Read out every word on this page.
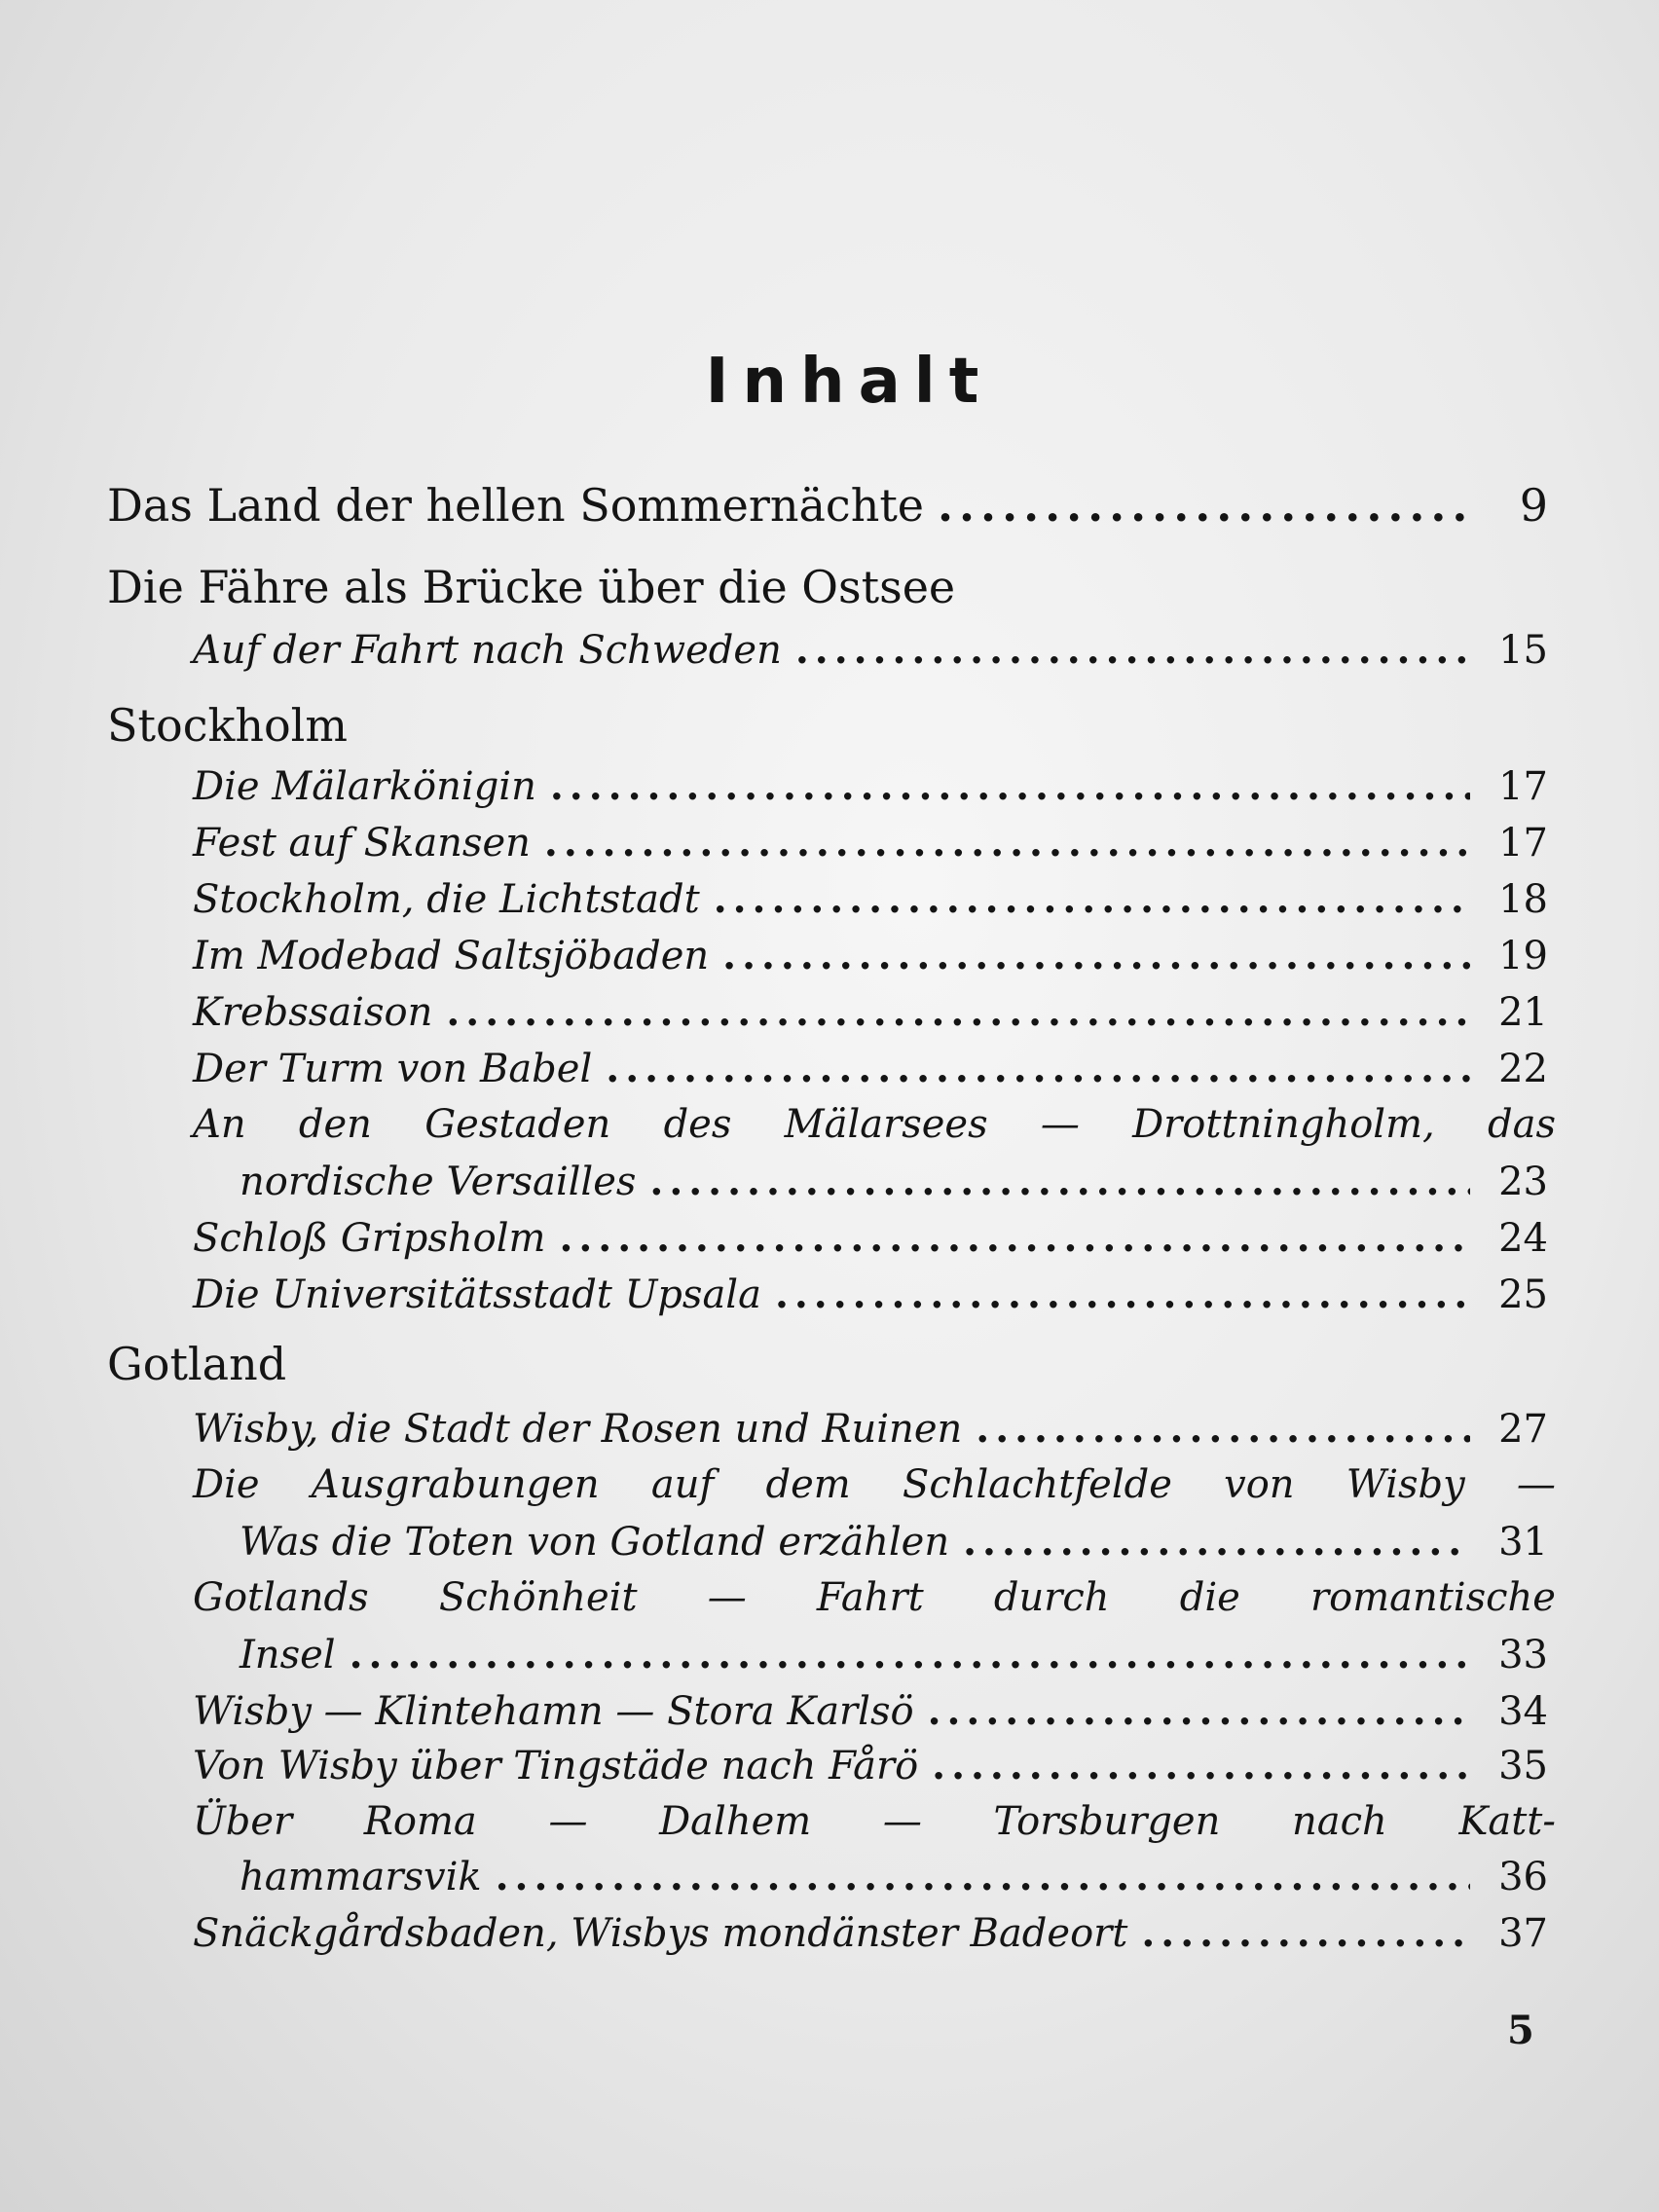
Inhalt
Das Land der hellen Sommernächte .....	9
Die Fähre als Brücke über die Ostsee
Auf der Fahrt nach Schweden .....	15
Stockholm
Die Mälarkönigin .....	17
Fest auf Skansen .....	17
Stockholm, die Lichtstadt .....	18
Im Modebad Saltsjöbaden .....	19
Krebssaison .....	21
Der Turm von Babel .....	22
An den Gestaden des Mälarsees — Drottningholm, das
nordische Versailles .....	23
Schloß Gripsholm .....	24
Die Universitätsstadt Upsala .....	25
Gotland
Wisby, die Stadt der Rosen und Ruinen .....	27
Die Ausgrabungen auf dem Schlachtfelde von Wisby —
Was die Toten von Gotland erzählen .....	31
Gotlands Schönheit — Fahrt durch die romantische
Insel .....	33
Wisby — Klintehamn — Stora Karlsö .....	34
Von Wisby über Tingstäde nach Fårö .....	35
Über Roma — Dalhem — Torsburgen nach Katt-
hammarsvik .....	36
Snäckgårdsbaden, Wisbys mondänster Badeort .....	37
5
